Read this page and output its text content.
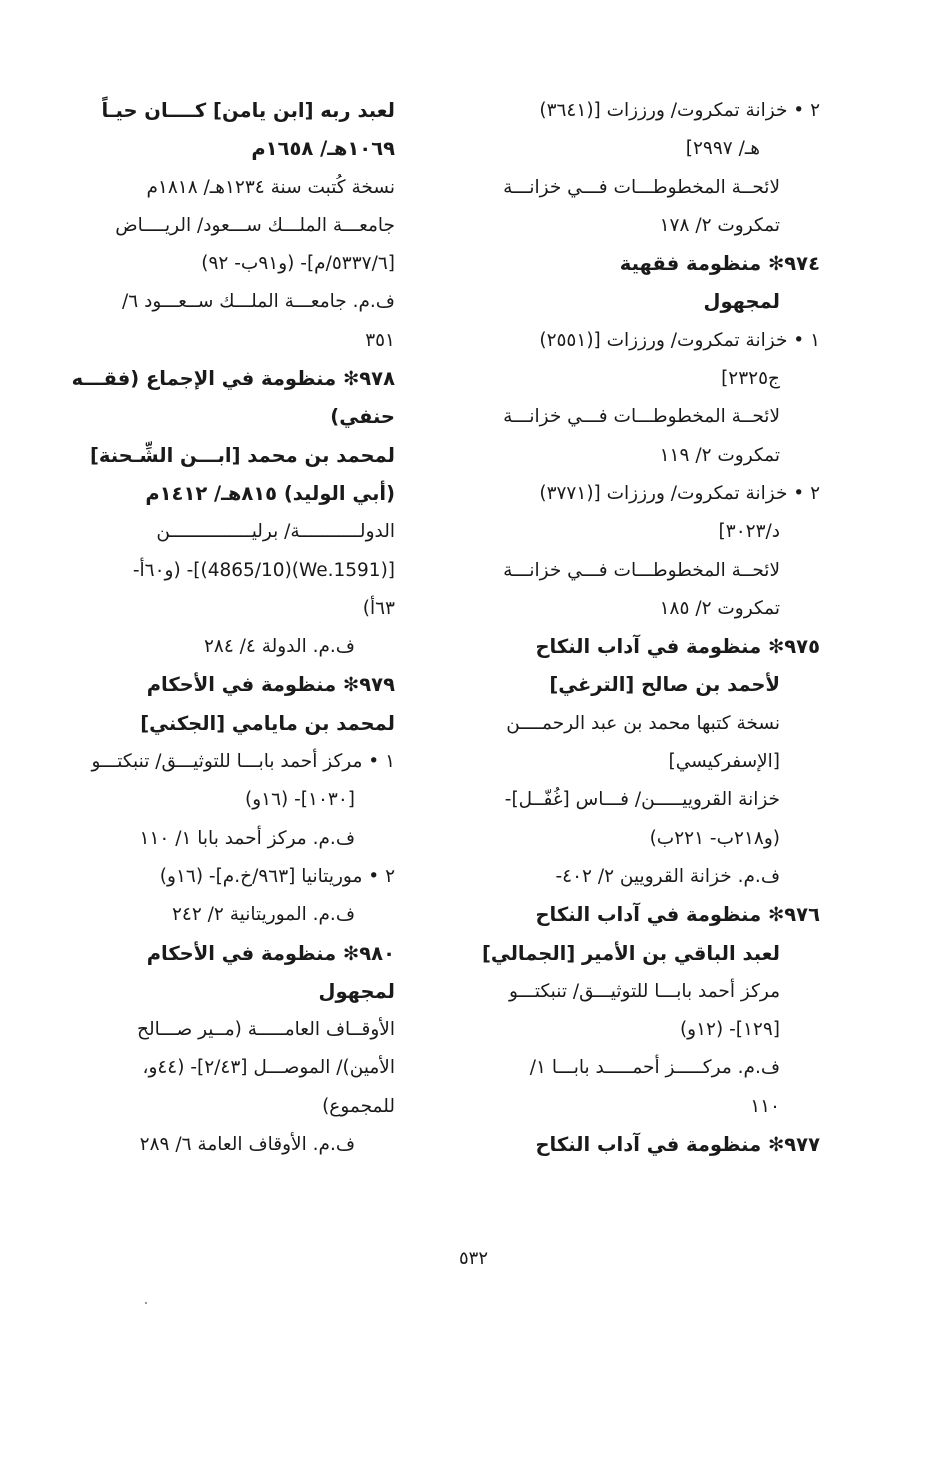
٢ • خزانة تمكروت/ ورززات [(٣٦٤١)
هـ/ ٢٩٩٧]
لائحــة المخطوطـــات فـــي خزانـــة
تمكروت ٢/ ١٧٨
٩٧٤✻ منظومة فقهية
لمجهول
١ • خزانة تمكروت/ ورززات [(٢٥٥١)
ج٢٣٢٥]
لائحــة المخطوطـــات فـــي خزانـــة
تمكروت ٢/ ١١٩
٢ • خزانة تمكروت/ ورززات [(٣٧٧١)
د/٣٠٢٣]
لائحــة المخطوطـــات فـــي خزانـــة
تمكروت ٢/ ١٨٥
٩٧٥✻ منظومة في آداب النكاح
لأحمد بن صالح [الترغي]
نسخة كتبها محمد بن عبد الرحمــــن
[الإسفركيسي]
خزانة القروييـــــن/ فـــاس [غُفّــل]-
(و٢١٨ب- ٢٢١ب)
ف.م. خزانة القرويين ٢/ ٤٠٢-
٩٧٦✻ منظومة في آداب النكاح
لعبد الباقي بن الأمير [الجمالي]
مركز أحمد بابـــا للتوثيـــق/ تنبكتـــو
[١٢٩]- (١٢و)
ف.م. مركـــــز أحمـــــد بابـــا ١/
١١٠
٩٧٧✻ منظومة في آداب النكاح
لعبد ربه [ابن يامن] كــــان حيـاً
١٠٦٩هـ/ ١٦٥٨م
نسخة كُتبت سنة ١٢٣٤هـ/ ١٨١٨م
جامعـــة الملـــك ســـعود/ الريــــاض
[٥٣٣٧/٦/م]- (و٩١ب- ٩٢)
ف.م. جامعـــة الملـــك ســعـــود ٦/
٣٥١
٩٧٨✻ منظومة في الإجماع (فقـــه
حنفي)
لمحمد بن محمد [ابـــن الشِّـحنة]
(أبي الوليد) ٨١٥هـ/ ١٤١٢م
الدولـــــــــــة/ برليـــــــــــــــن
[(We.1591)(4865/10)]- (و٦٠أ-
٦٣أ)
ف.م. الدولة ٤/ ٢٨٤
٩٧٩✻ منظومة في الأحكام
لمحمد بن مايامي [الجكني]
١ • مركز أحمد بابـــا للتوثيـــق/ تنبكتـــو
[١٠٣٠]- (١٦و)
ف.م. مركز أحمد بابا ١/ ١١٠
٢ • موريتانيا [٩٦٣/خ.م]- (١٦و)
ف.م. الموريتانية ٢/ ٢٤٢
٩٨٠✻ منظومة في الأحكام
لمجهول
الأوقــاف العامـــــة (مــير صـــالح
الأمين)/ الموصـــل [٢/٤٣]- (٤٤و،
للمجموع)
ف.م. الأوقاف العامة ٦/ ٢٨٩
٥٣٢
